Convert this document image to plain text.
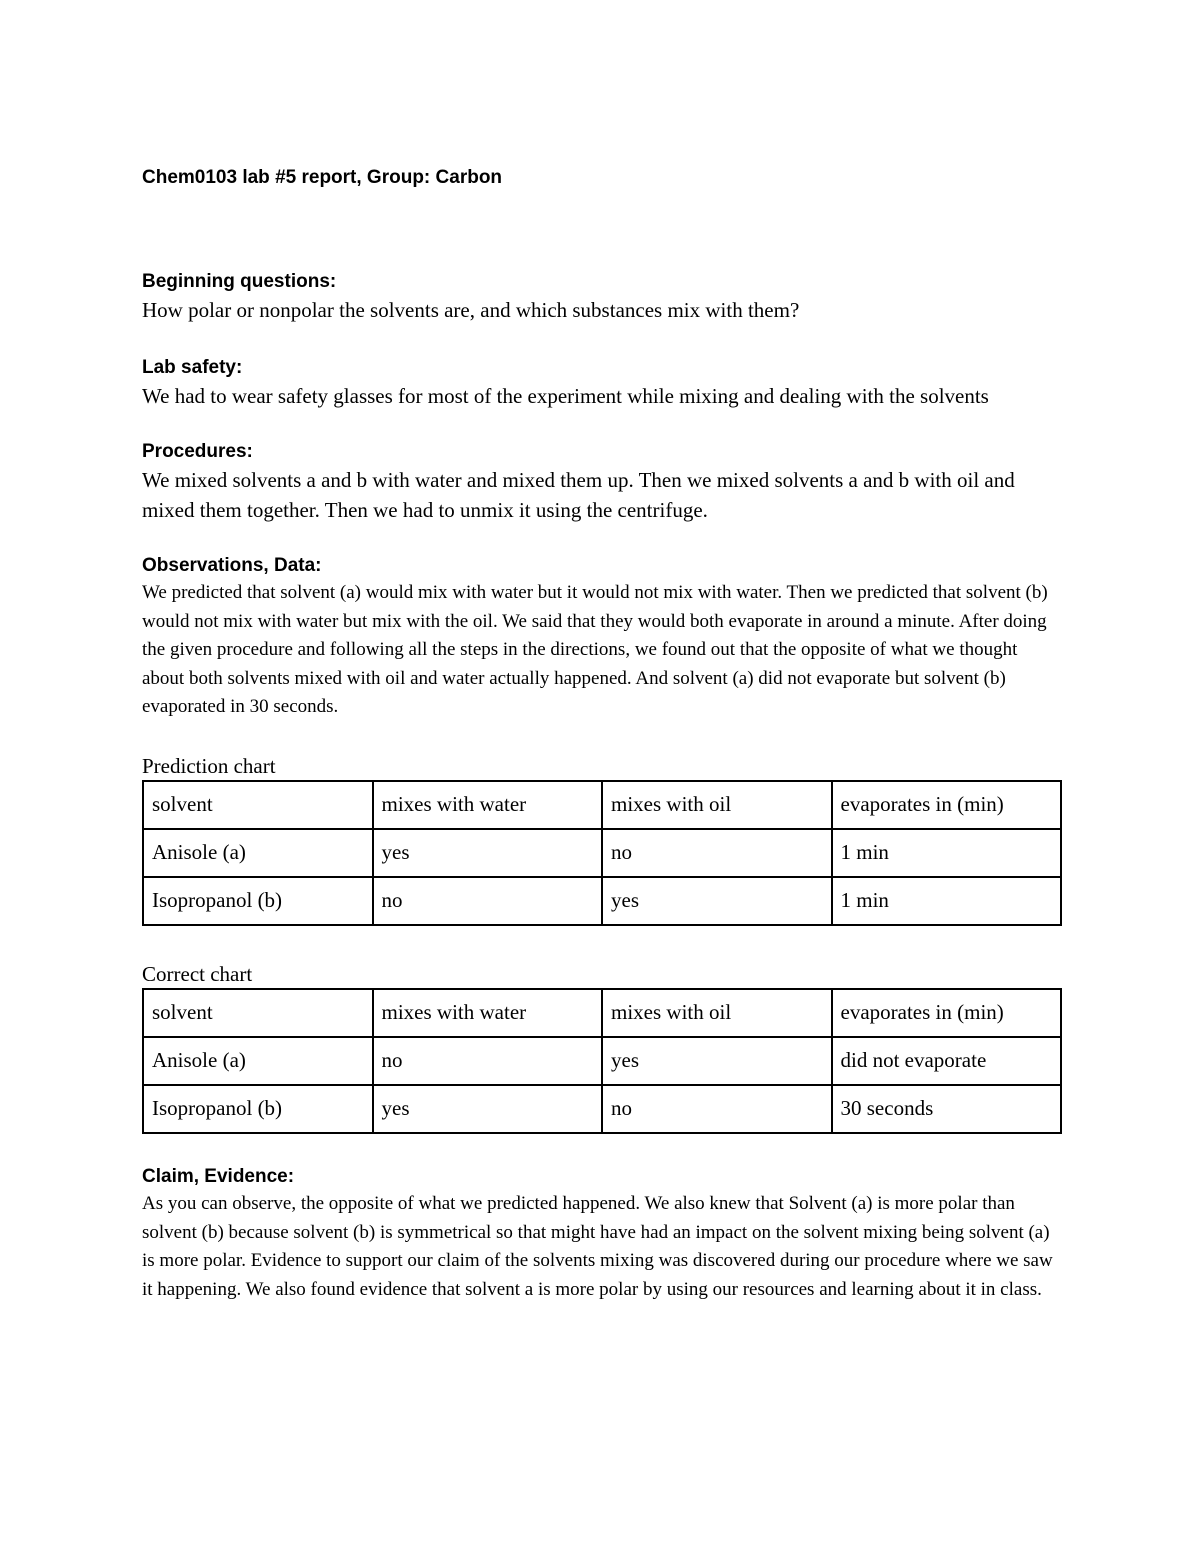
Chem0103 lab #5 report, Group: Carbon

Beginning questions:

How polar or nonpolar the solvents are, and which substances mix with them?

Lab safety:

We had to wear safety glasses for most of the experiment while mixing and dealing with the solvents

Procedures:

We mixed solvents a and b with water and mixed them up. Then we mixed solvents a and b with oil and mixed them together. Then we had to unmix it using the centrifuge.

Observations, Data:

We predicted that solvent (a) would mix with water but it would not mix with water. Then we predicted that solvent (b) would not mix with water but mix with the oil. We said that they would both evaporate in around a minute. After doing the given procedure and following all the steps in the directions, we found out that the opposite of what we thought about both solvents mixed with oil and water actually happened. And solvent (a) did not evaporate but solvent (b) evaporated in 30 seconds.

Prediction chart

solvent	mixes with water	mixes with oil	evaporates in (min)
Anisole (a)	yes	no	1 min
Isopropanol (b)	no	yes	1 min

Correct chart

solvent	mixes with water	mixes with oil	evaporates in (min)
Anisole (a)	no	yes	did not evaporate
Isopropanol (b)	yes	no	30 seconds

Claim, Evidence:

As you can observe, the opposite of what we predicted happened. We also knew that Solvent (a) is more polar than solvent (b) because solvent (b) is symmetrical so that might have had an impact on the solvent mixing being solvent (a) is more polar. Evidence to support our claim of the solvents mixing was discovered during our procedure where we saw it happening. We also found evidence that solvent a is more polar by using our resources and learning about it in class.
